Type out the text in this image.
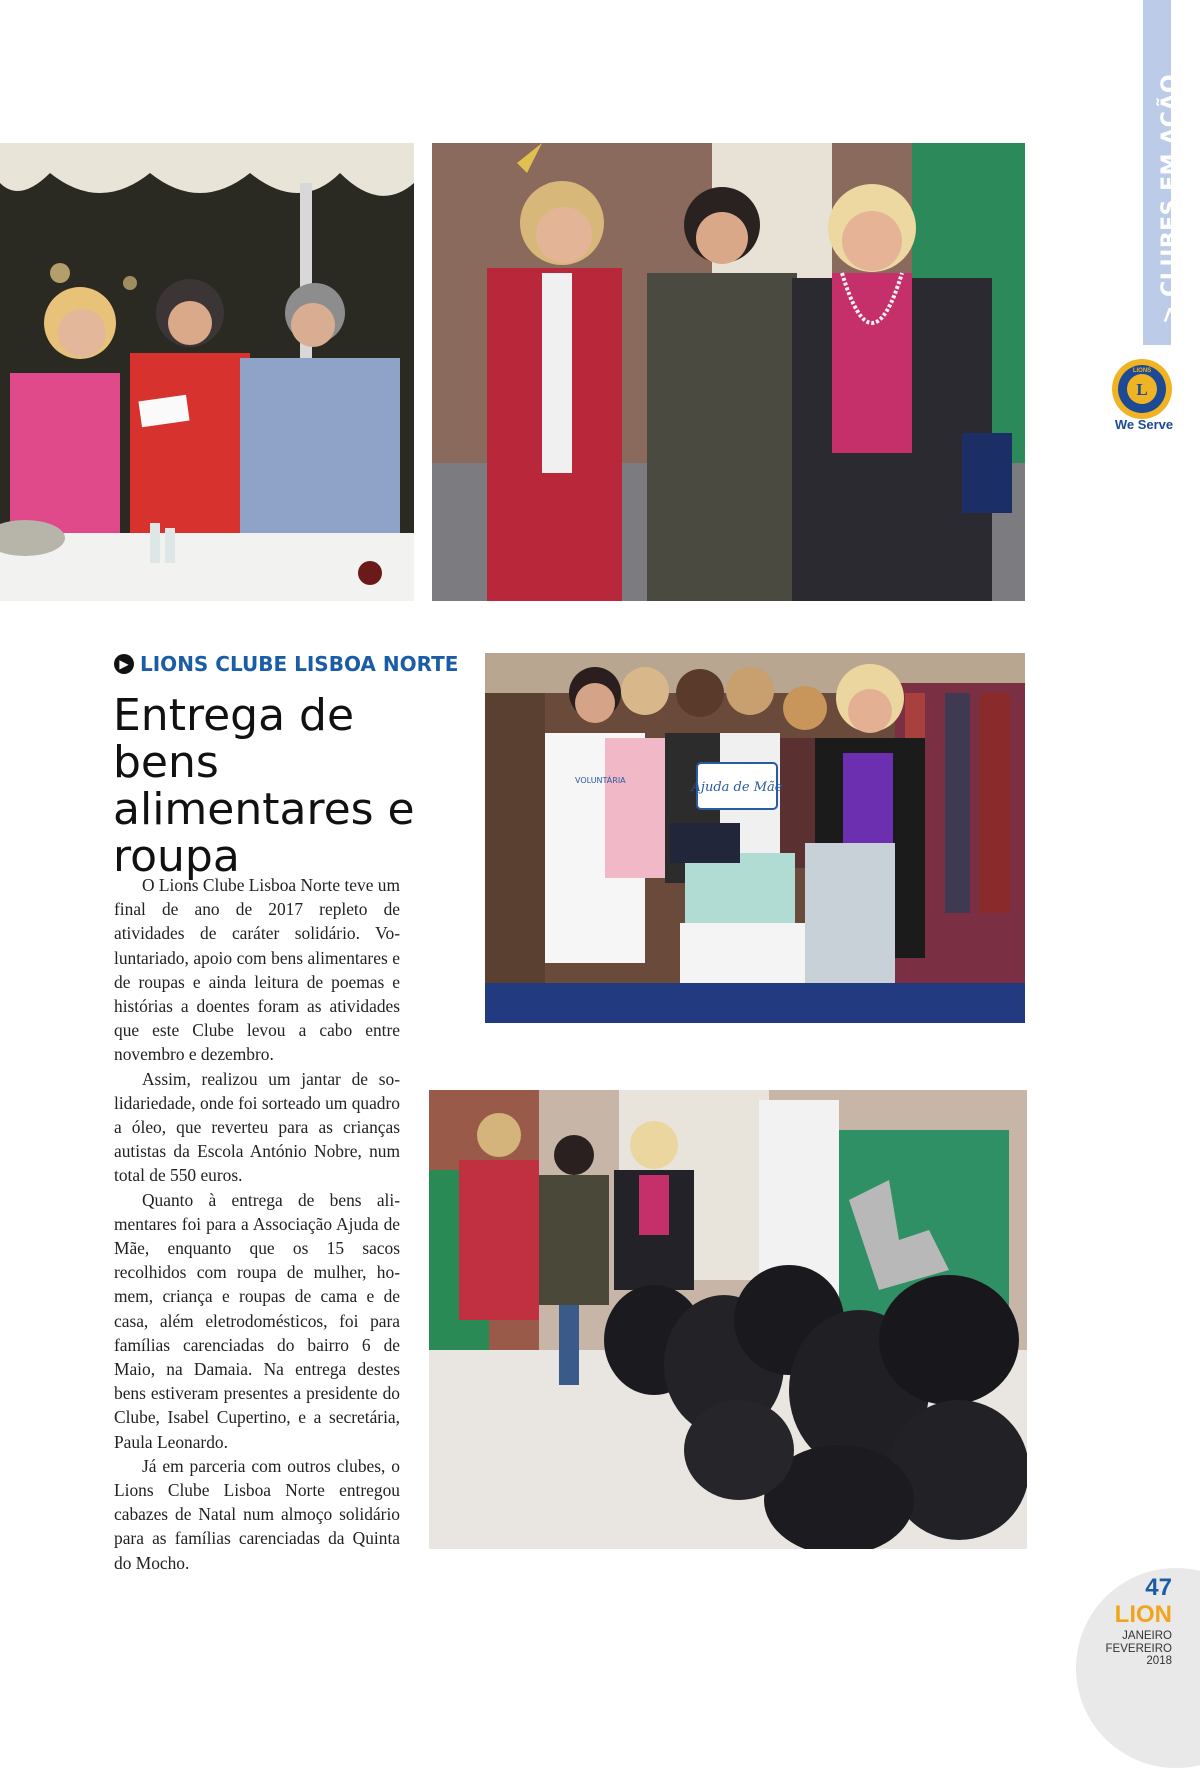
Ajuda de Mãe
VOLUNTÁRIA
> CLUBES EM AÇÃO
L
LIONS
We Serve
▶ LIONS CLUBE LISBOA NORTE
Entrega de bens alimentares e roupa

O Lions Clube Lisboa Norte teve um final de ano de 2017 repleto de atividades de caráter solidário. Voluntariado, apoio com bens alimentares e de roupas e ainda leitura de poemas e histórias a doentes foram as atividades que este Clube levou a cabo entre novembro e dezembro.

Assim, realizou um jantar de solidariedade, onde foi sorteado um quadro a óleo, que reverteu para as crianças autistas da Escola António Nobre, num total de 550 euros.

Quanto à entrega de bens alimentares foi para a Associação Ajuda de Mãe, enquanto que os 15 sacos recolhidos com roupa de mulher, homem, criança e roupas de cama e de casa, além eletrodomésticos, foi para famílias carenciadas do bairro 6 de Maio, na Damaia. Na entrega destes bens estiveram presentes a presidente do Clube, Isabel Cupertino, e a secretária, Paula Leonardo.

Já em parceria com outros clubes, o Lions Clube Lisboa Norte entregou cabazes de Natal num almoço solidário para as famílias carenciadas da Quinta do Mocho.

47
LION
JANEIRO
FEVEREIRO
2018
